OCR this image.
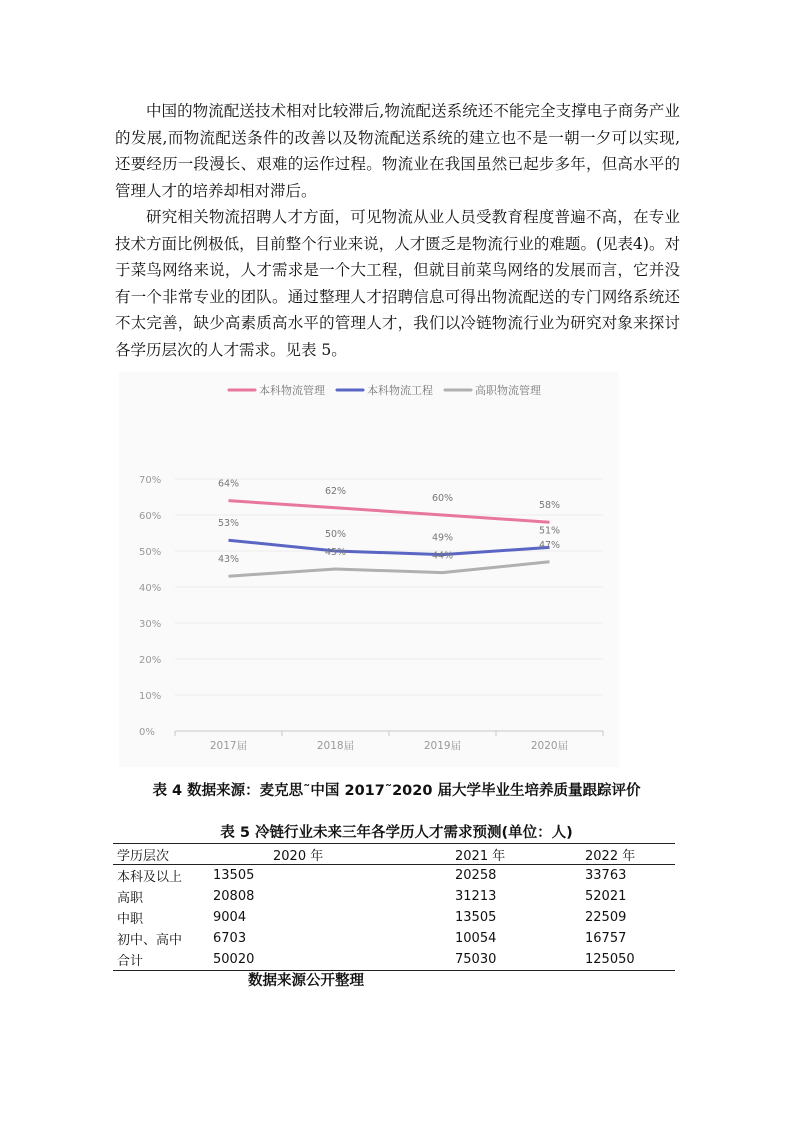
中国的物流配送技术相对比较滞后,物流配送系统还不能完全支撑电子商务产业的发展,而物流配送条件的改善以及物流配送系统的建立也不是一朝一夕可以实现,还要经历一段漫长、艰难的运作过程。物流业在我国虽然已起步多年，但高水平的管理人才的培养却相对滞后。

研究相关物流招聘人才方面，可见物流从业人员受教育程度普遍不高，在专业技术方面比例极低，目前整个行业来说，人才匮乏是物流行业的难题。(见表4)。对于菜鸟网络来说，人才需求是一个大工程，但就目前菜鸟网络的发展而言，它并没有一个非常专业的团队。通过整理人才招聘信息可得出物流配送的专门网络系统还不太完善，缺少高素质高水平的管理人才，我们以冷链物流行业为研究对象来探讨各学历层次的人才需求。见表 5。

0%
10%
20%
30%
40%
50%
60%
70%
2017届	2018届	2019届	2020届
本科物流管理	本科物流工程	高职物流管理
64%
62%
60%
58%
53%
50%	49%
51%
43%
45%	44%
47%
表 4 数据来源：麦克思˜中国 2017˜2020 届大学毕业生培养质量跟踪评价
表 5 冷链行业未来三年各学历人才需求预测(单位：人)
学历层次	2020 年	2021 年	2022 年
本科及以上	13505	20258	33763
高职	20808	31213	52021
中职	9004	13505	22509
初中、高中	6703	10054	16757
合计	50020	75030	125050
数据来源公开整理
